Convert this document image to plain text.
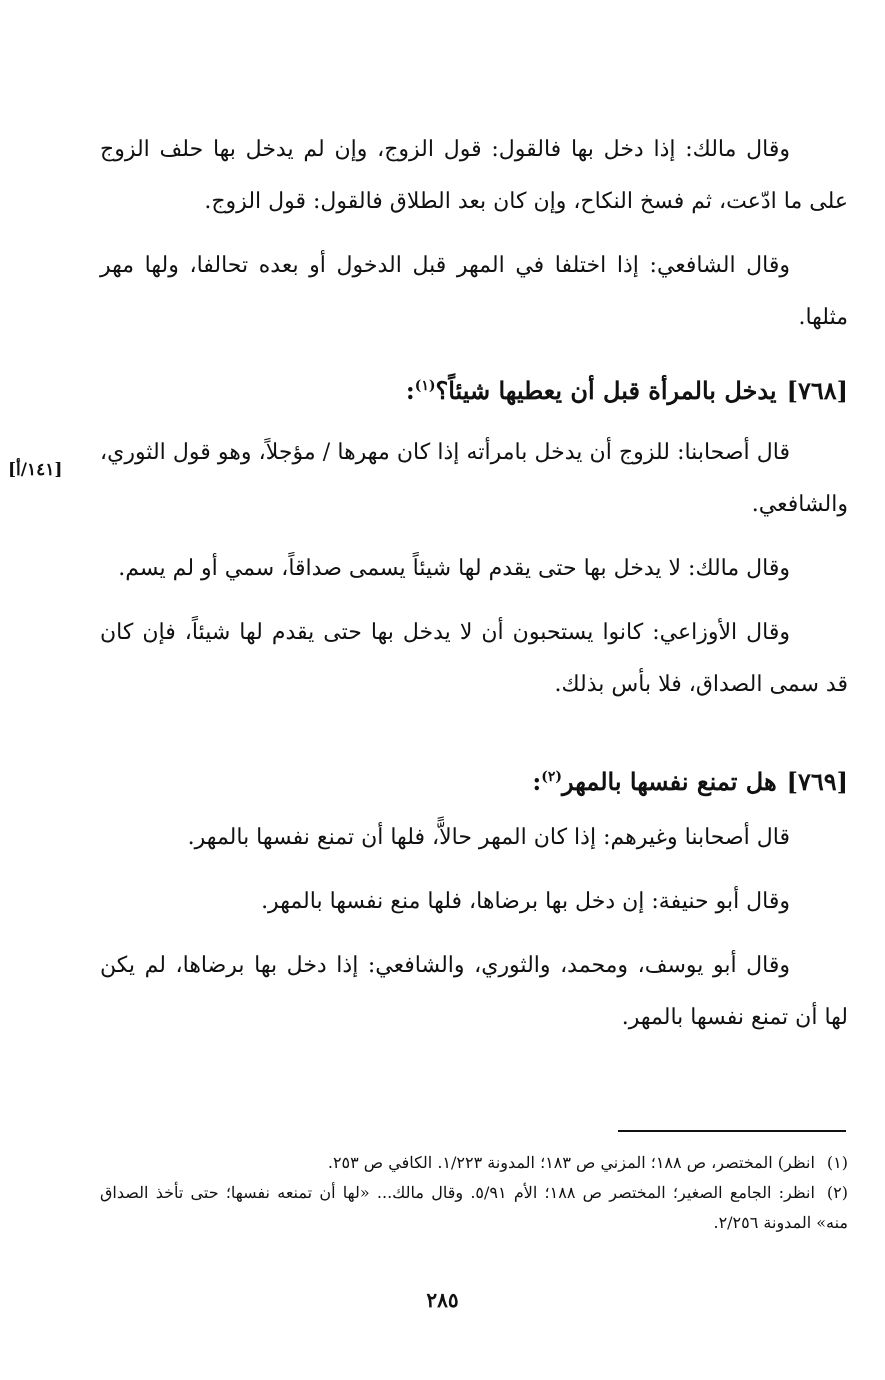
وقال مالك: إذا دخل بها فالقول: قول الزوج، وإن لم يدخل بها حلف الزوج على ما ادّعت، ثم فسخ النكاح، وإن كان بعد الطلاق فالقول: قول الزوج.

وقال الشافعي: إذا اختلفا في المهر قبل الدخول أو بعده تحالفا، ولها مهر مثلها.

[٧٦٨]يدخل بالمرأة قبل أن يعطيها شيئاً؟$^{(١)}$:

قال أصحابنا: للزوج أن يدخل بامرأته إذا كان مهرها / مؤجلاً، وهو قول الثوري، والشافعي.

وقال مالك: لا يدخل بها حتى يقدم لها شيئاً يسمى صداقاً، سمي أو لم يسم.

وقال الأوزاعي: كانوا يستحبون أن لا يدخل بها حتى يقدم لها شيئاً، فإن كان قد سمى الصداق، فلا بأس بذلك.

[٧٦٩]هل تمنع نفسها بالمهر$^{(٢)}$:

قال أصحابنا وغيرهم: إذا كان المهر حالاًّ، فلها أن تمنع نفسها بالمهر.

وقال أبو حنيفة: إن دخل بها برضاها، فلها منع نفسها بالمهر.

وقال أبو يوسف، ومحمد، والثوري، والشافعي: إذا دخل بها برضاها، لم يكن لها أن تمنع نفسها بالمهر.

[١٤١/أ]

(١)انظر) المختصر، ص ١٨٨؛ المزني ص ١٨٣؛ المدونة ١/٢٢٣. الكافي ص ٢٥٣.

(٢)انظر: الجامع الصغير؛ المختصر ص ١٨٨؛ الأم ٥/٩١. وقال مالك... «لها أن تمنعه نفسها؛ حتى تأخذ الصداق منه» المدونة ٢/٢٥٦.

٢٨٥
